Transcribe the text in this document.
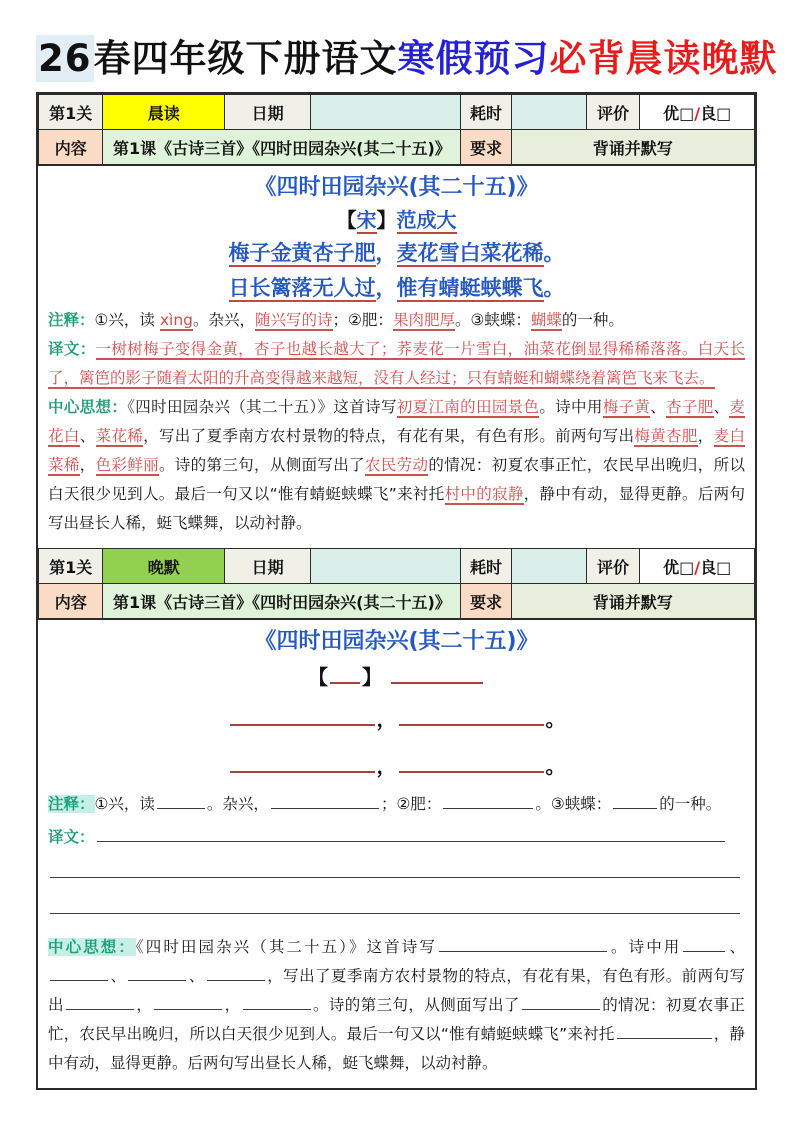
26春四年级下册语文寒假预习必背晨读晚默
第1关	晨读	日期		耗时		评价	优□/良□
内容	第1课《古诗三首》《四时田园杂兴(其二十五)》			要求	背诵并默写		
《四时田园杂兴(其二十五)》
【宋】范成大
梅子金黄杏子肥，麦花雪白菜花稀。
日长篱落无人过，惟有蜻蜓蛱蝶飞。
注释：①兴，读 xìng。杂兴，随兴写的诗；②肥：果肉肥厚。③蛱蝶：蝴蝶的一种。
译文：一树树梅子变得金黄，杏子也越长越大了；荞麦花一片雪白，油菜花倒显得稀稀落落。白天长了，篱笆的影子随着太阳的升高变得越来越短，没有人经过；只有蜻蜓和蝴蝶绕着篱笆飞来飞去。
中心思想：《四时田园杂兴（其二十五）》这首诗写初夏江南的田园景色。诗中用梅子黄、杏子肥、麦花白、菜花稀，写出了夏季南方农村景物的特点，有花有果，有色有形。前两句写出梅黄杏肥，麦白菜稀，色彩鲜丽。诗的第三句，从侧面写出了农民劳动的情况：初夏农事正忙，农民早出晚归，所以白天很少见到人。最后一句又以“惟有蜻蜓蛱蝶飞”来衬托村中的寂静，静中有动，显得更静。后两句写出昼长人稀，蜓飞蝶舞，以动衬静。
第1关	晚默	日期		耗时		评价	优□/良□
内容	第1课《古诗三首》《四时田园杂兴(其二十五)》			要求	背诵并默写		
《四时田园杂兴(其二十五)》
【 】
，	。
，	。
注释：①兴，读	。杂兴，	；②肥：	。③蛱蝶：	的一种。
译文：
中心思想：《四时田园杂兴（其二十五）》这首诗写	。诗中用	、、	、	，写出了夏季南方农村景物的特点，有花有果，有色有形。前两句写出	，	，	。诗的第三句，从侧面写出了	的情况：初夏农事正忙，农民早出晚归，所以白天很少见到人。最后一句又以“惟有蜻蜓蛱蝶飞”来衬托	，静中有动，显得更静。后两句写出昼长人稀，蜓飞蝶舞，以动衬静。
